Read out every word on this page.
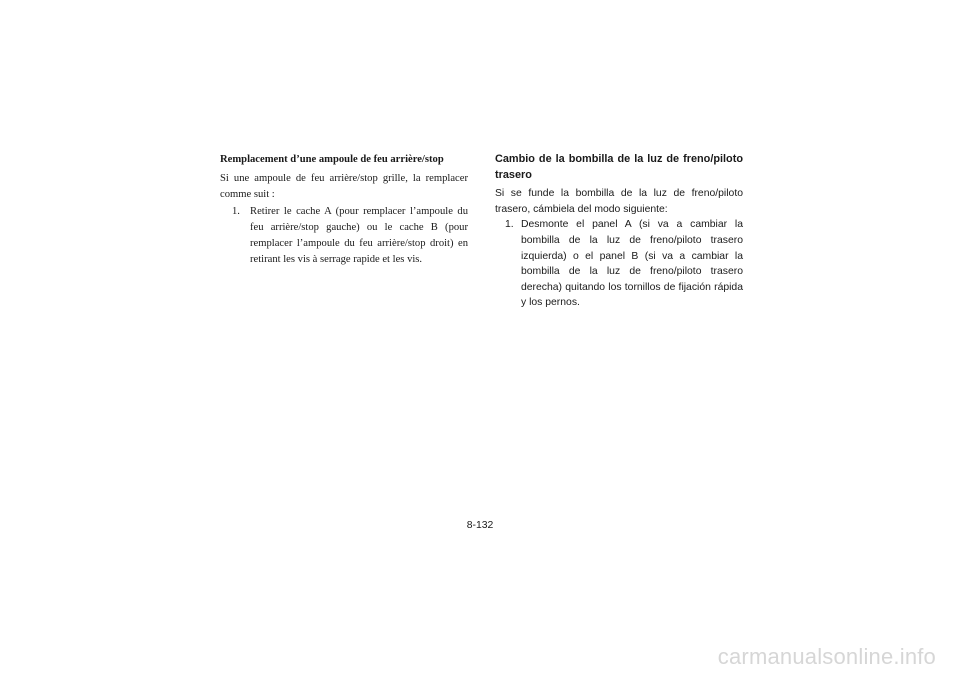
Remplacement d’une ampoule de feu arrière/stop

Si une ampoule de feu arrière/stop grille, la remplacer comme suit :

1. Retirer le cache A (pour remplacer l’ampoule du feu arrière/stop gauche) ou le cache B (pour remplacer l’ampoule du feu arrière/stop droit) en retirant les vis à serrage rapide et les vis.
Cambio de la bombilla de la luz de freno/piloto trasero

Si se funde la bombilla de la luz de freno/piloto trasero, cámbiela del modo siguiente:

1. Desmonte el panel A (si va a cambiar la bombilla de la luz de freno/piloto trasero izquierda) o el panel B (si va a cambiar la bombilla de la luz de freno/piloto trasero derecha) quitando los tornillos de fijación rápida y los pernos.
8-132
carmanualsonline.info
